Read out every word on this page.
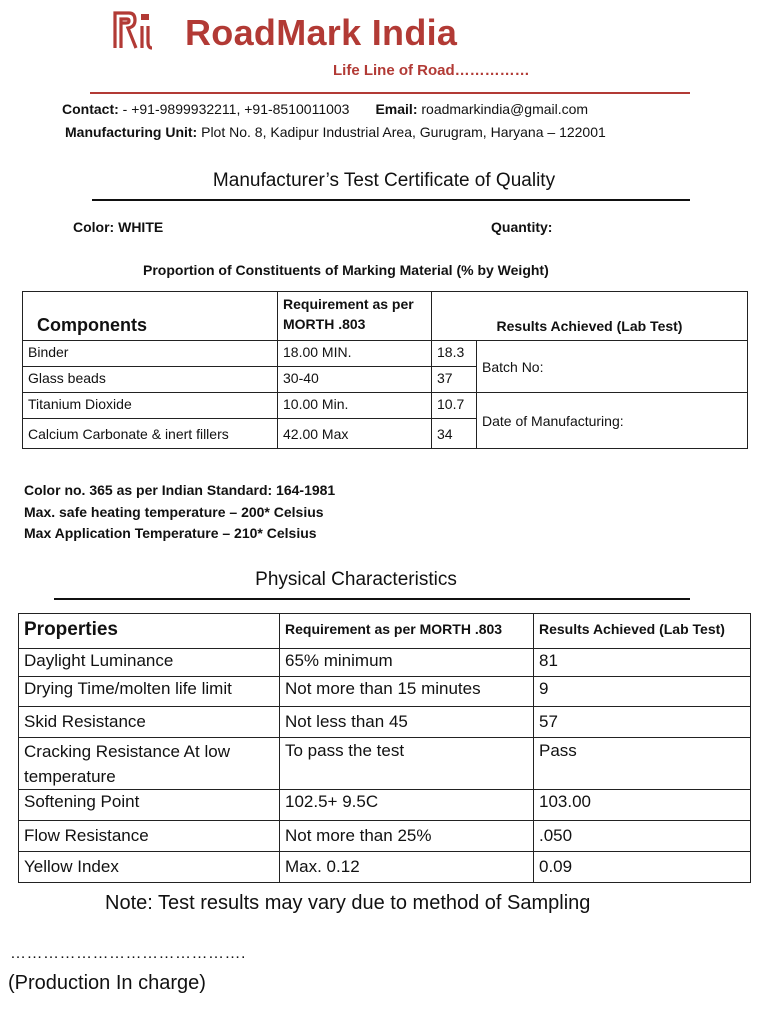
RoadMark India
Life Line of Road……………
Contact: - +91-9899932211, +91-8510011003 Email: roadmarkindia@gmail.com
Manufacturing Unit: Plot No. 8, Kadipur Industrial Area, Gurugram, Haryana – 122001
Manufacturer’s Test Certificate of Quality
Color: WHITE	Quantity:
Proportion of Constituents of Marking Material (% by Weight)
Components	Requirement as per MORTH .803	Results Achieved (Lab Test)	
Binder	18.00 MIN.	18.3	Batch No:
Glass beads	30-40	37	
Titanium Dioxide	10.00 Min.	10.7	Date of Manufacturing:
Calcium Carbonate & inert fillers	42.00 Max	34	
Color no. 365 as per Indian Standard: 164-1981
Max. safe heating temperature – 200* Celsius
Max Application Temperature – 210* Celsius
Physical Characteristics
Properties	Requirement as per MORTH .803	Results Achieved (Lab Test)
Daylight Luminance	65% minimum	81
Drying Time/molten life limit	Not more than 15 minutes	9
Skid Resistance	Not less than 45	57
Cracking Resistance At low temperature	To pass the test	Pass
Softening Point	102.5+ 9.5C	103.00
Flow Resistance	Not more than 25%	.050
Yellow Index	Max. 0.12	0.09
Note: Test results may vary due to method of Sampling
…………………………………….
(Production In charge)
